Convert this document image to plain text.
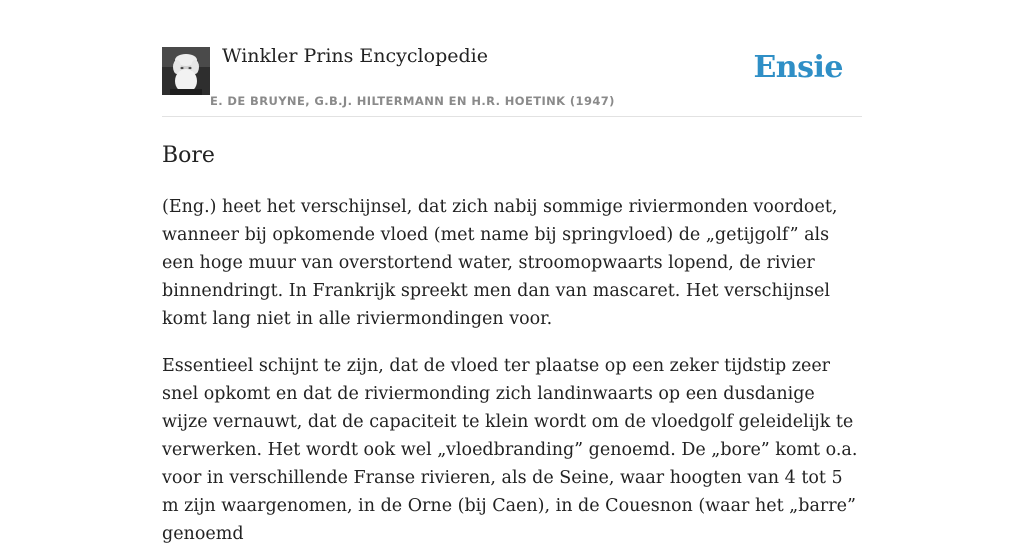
Winkler Prins Encyclopedie
E. DE BRUYNE, G.B.J. HILTERMANN EN H.R. HOETINK (1947)
Ensie
Bore

(Eng.) heet het verschijnsel, dat zich nabij sommige riviermonden voordoet, wanneer bij opkomende vloed (met name bij springvloed) de „getijgolf” als een hoge muur van overstortend water, stroomopwaarts lopend, de rivier binnendringt. In Frankrijk spreekt men dan van mascaret. Het verschijnsel komt lang niet in alle riviermondingen voor.

Essentieel schijnt te zijn, dat de vloed ter plaatse op een zeker tijdstip zeer snel opkomt en dat de riviermonding zich landinwaarts op een dusdanige wijze vernauwt, dat de capaciteit te klein wordt om de vloedgolf geleidelijk te verwerken. Het wordt ook wel „vloedbranding” genoemd. De „bore” komt o.a. voor in verschillende Franse rivieren, als de Seine, waar hoogten van 4 tot 5 m zijn waargenomen, in de Orne (bij Caen), in de Couesnon (waar het „barre” genoemd
